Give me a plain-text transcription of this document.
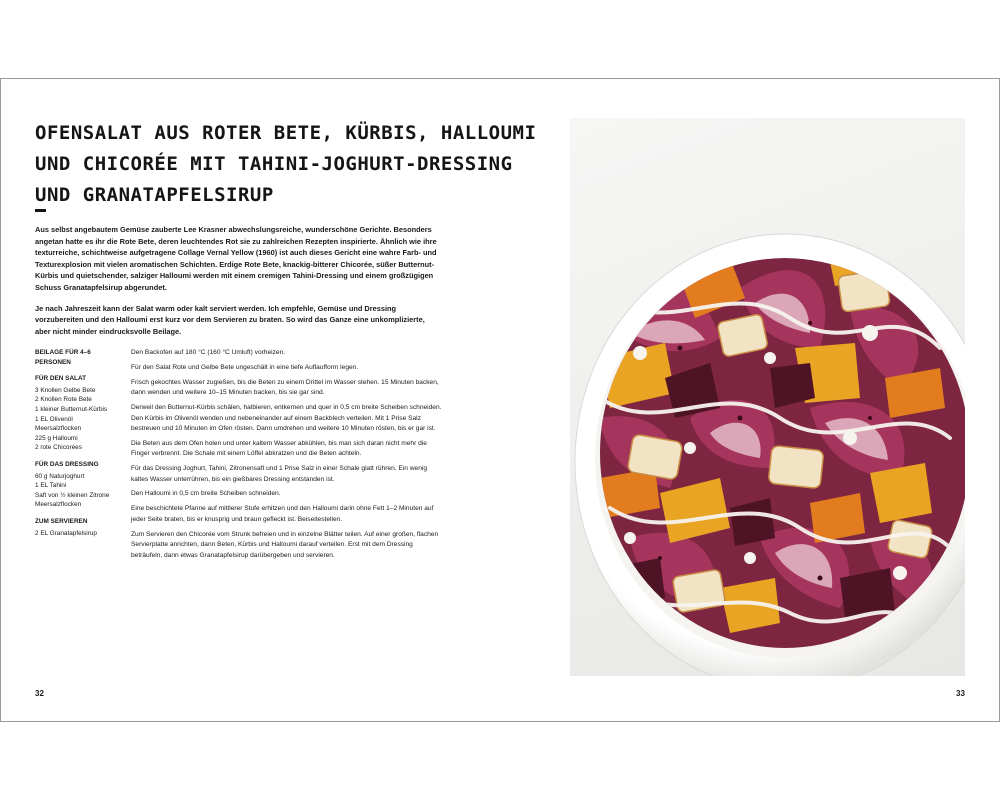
OFENSALAT AUS ROTER BETE, KÜRBIS, HALLOUMI
UND CHICORÉE MIT TAHINI-JOGHURT-DRESSING
UND GRANATAPFELSIRUP

Aus selbst angebautem Gemüse zauberte Lee Krasner abwechslungsreiche, wunderschöne Gerichte. Besonders angetan hatte es ihr die Rote Bete, deren leuchtendes Rot sie zu zahlreichen Rezepten inspirierte. Ähnlich wie ihre texturreiche, schichtweise aufgetragene Collage Vernal Yellow (1960) ist auch dieses Gericht eine wahre Farb- und Texturexplosion mit vielen aromatischen Schichten. Erdige Rote Bete, knackig-bitterer Chicorée, süßer Butternut-Kürbis und quietschender, salziger Halloumi werden mit einem cremigen Tahini-Dressing und einem großzügigen Schuss Granatapfelsirup abgerundet.

Je nach Jahreszeit kann der Salat warm oder kalt serviert werden. Ich empfehle, Gemüse und Dressing vorzubereiten und den Halloumi erst kurz vor dem Servieren zu braten. So wird das Ganze eine unkomplizierte, aber nicht minder eindrucksvolle Beilage.

BEILAGE FÜR 4–6 PERSONEN
FÜR DEN SALAT
3 Knollen Gelbe Bete
2 Knollen Rote Bete
1 kleiner Butternut-Kürbis
1 EL Olivenöl
Meersalzflocken
225 g Halloumi
2 rote Chicorées
FÜR DAS DRESSING
60 g Naturjoghurt
1 EL Tahini
Saft von ½ kleinen Zitrone
Meersalzflocken
ZUM SERVIEREN
2 EL Granatapfelsirup

Den Backofen auf 180 °C (160 °C Umluft) vorheizen.

Für den Salat Rote und Gelbe Bete ungeschält in eine tiefe Auflaufform legen.

Frisch gekochtes Wasser zugießen, bis die Beten zu einem Drittel im Wasser stehen. 15 Minuten backen, dann wenden und weitere 10–15 Minuten backen, bis sie gar sind.

Derweil den Butternut-Kürbis schälen, halbieren, entkernen und quer in 0,5 cm breite Scheiben schneiden. Den Kürbis im Olivenöl wenden und nebeneinander auf einem Backblech verteilen. Mit 1 Prise Salz bestreuen und 10 Minuten im Ofen rösten. Dann umdrehen und weitere 10 Minuten rösten, bis er gar ist.

Die Beten aus dem Ofen holen und unter kaltem Wasser abkühlen, bis man sich daran nicht mehr die Finger verbrennt. Die Schale mit einem Löffel abkratzen und die Beten achteln.

Für das Dressing Joghurt, Tahini, Zitronensaft und 1 Prise Salz in einer Schale glatt rühren. Ein wenig kaltes Wasser unterrühren, bis ein gießbares Dressing entstanden ist.

Den Halloumi in 0,5 cm breite Scheiben schneiden.

Eine beschichtete Pfanne auf mittlerer Stufe erhitzen und den Halloumi darin ohne Fett 1–2 Minuten auf jeder Seite braten, bis er knusprig und braun gefleckt ist. Beiseitestellen.

Zum Servieren den Chicorée vom Strunk befreien und in einzelne Blätter teilen. Auf einer großen, flachen Servierplatte anrichten, dann Beten, Kürbis und Halloumi darauf verteilen. Erst mit dem Dressing beträufeln, dann etwas Granatapfelsirup darübergeben und servieren.

32	33
